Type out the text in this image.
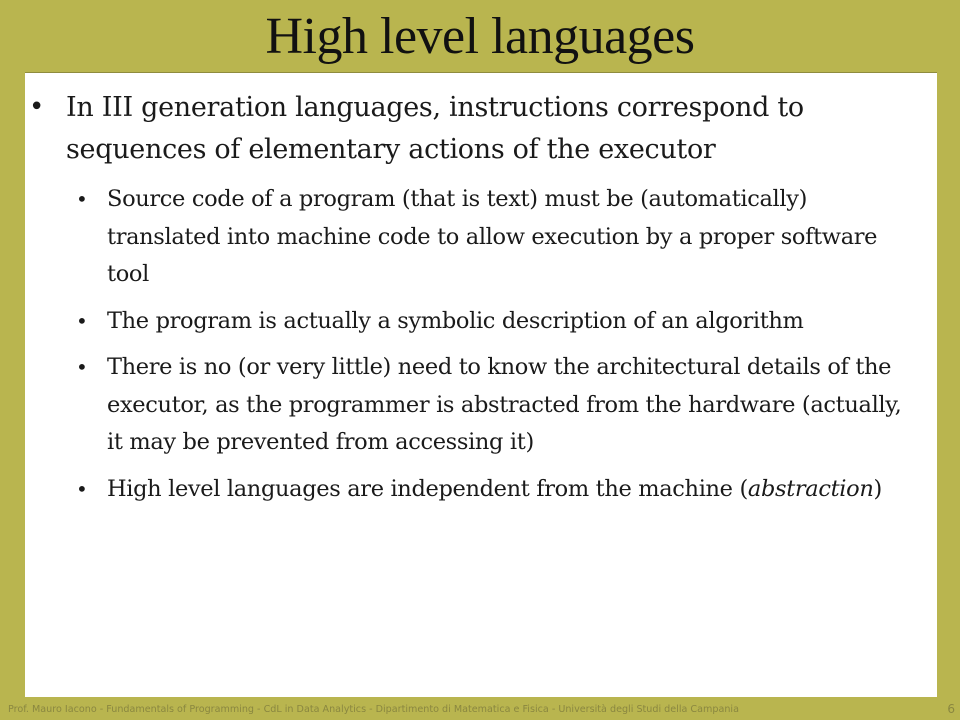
High level languages
• In III generation languages, instructions correspond to sequences of elementary actions of the executor
• Source code of a program (that is text) must be (automatically) translated into machine code to allow execution by a proper software tool
• The program is actually a symbolic description of an algorithm
• There is no (or very little) need to know the architectural details of the executor, as the programmer is abstracted from the hardware (actually, it may be prevented from accessing it)
• High level languages are independent from the machine (abstraction)
Prof. Mauro Iacono - Fundamentals of Programming - CdL in Data Analytics - Dipartimento di Matematica e Fisica - Università degli Studi della Campania	6
